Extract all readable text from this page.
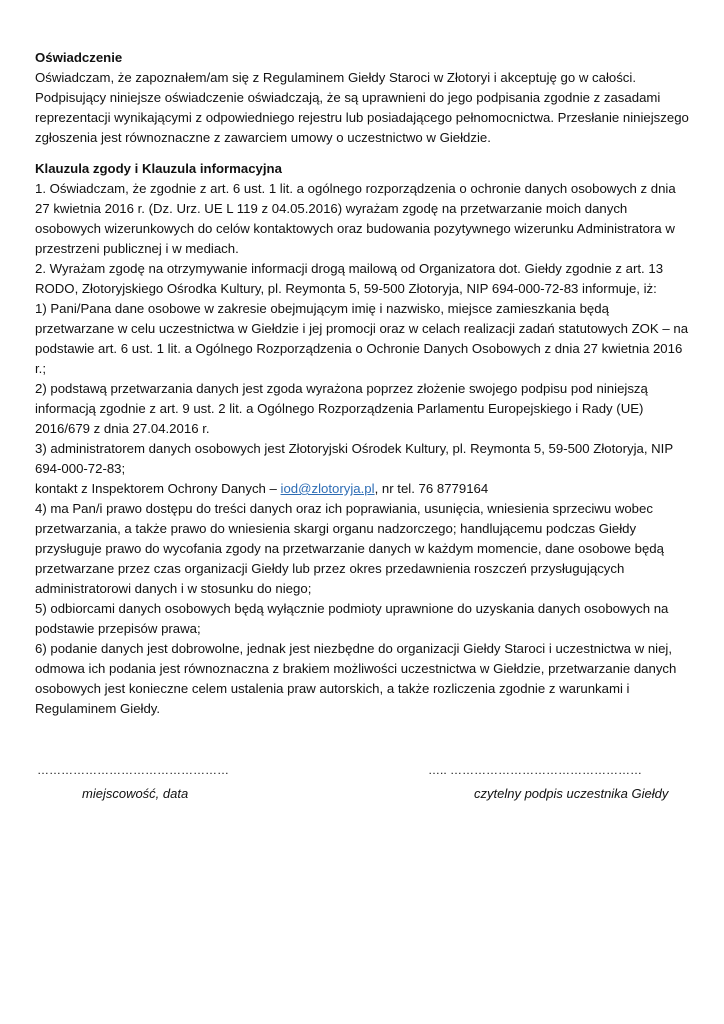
Oświadczenie

Oświadczam, że zapoznałem/am się z Regulaminem Giełdy Staroci w Złotoryi i akceptuję go w całości. Podpisujący niniejsze oświadczenie oświadczają, że są uprawnieni do jego podpisania zgodnie z zasadami reprezentacji wynikającymi z odpowiedniego rejestru lub posiadającego pełnomocnictwa. Przesłanie niniejszego zgłoszenia jest równoznaczne z zawarciem umowy o uczestnictwo w Giełdzie.

Klauzula zgody i Klauzula informacyjna

1. Oświadczam, że zgodnie z art. 6 ust. 1 lit. a ogólnego rozporządzenia o ochronie danych osobowych z dnia 27 kwietnia 2016 r. (Dz. Urz. UE L 119 z 04.05.2016) wyrażam zgodę na przetwarzanie moich danych osobowych wizerunkowych do celów kontaktowych oraz budowania pozytywnego wizerunku Administratora w przestrzeni publicznej i w mediach.

2. Wyrażam zgodę na otrzymywanie informacji drogą mailową od Organizatora dot. Giełdy zgodnie z art. 13 RODO, Złotoryjskiego Ośrodka Kultury, pl. Reymonta 5, 59-500 Złotoryja, NIP 694-000-72-83 informuje, iż:

1) Pani/Pana dane osobowe w zakresie obejmującym imię i nazwisko, miejsce zamieszkania będą przetwarzane w celu uczestnictwa w Giełdzie i jej promocji oraz w celach realizacji zadań statutowych ZOK – na podstawie art. 6 ust. 1 lit. a Ogólnego Rozporządzenia o Ochronie Danych Osobowych z dnia 27 kwietnia 2016 r.;

2) podstawą przetwarzania danych jest zgoda wyrażona poprzez złożenie swojego podpisu pod niniejszą informacją zgodnie z art. 9 ust. 2 lit. a Ogólnego Rozporządzenia Parlamentu Europejskiego i Rady (UE) 2016/679 z dnia 27.04.2016 r.

3) administratorem danych osobowych jest Złotoryjski Ośrodek Kultury, pl. Reymonta 5, 59-500 Złotoryja, NIP 694-000-72-83;

kontakt z Inspektorem Ochrony Danych – iod@zlotoryja.pl, nr tel. 76 8779164

4) ma Pan/i prawo dostępu do treści danych oraz ich poprawiania, usunięcia, wniesienia sprzeciwu wobec przetwarzania, a także prawo do wniesienia skargi organu nadzorczego; handlującemu podczas Giełdy przysługuje prawo do wycofania zgody na przetwarzanie danych w każdym momencie, dane osobowe będą przetwarzane przez czas organizacji Giełdy lub przez okres przedawnienia roszczeń przysługujących administratorowi danych i w stosunku do niego;

5) odbiorcami danych osobowych będą wyłącznie podmioty uprawnione do uzyskania danych osobowych na podstawie przepisów prawa;

6) podanie danych jest dobrowolne, jednak jest niezbędne do organizacji Giełdy Staroci i uczestnictwa w niej, odmowa ich podania jest równoznaczna z brakiem możliwości uczestnictwa w Giełdzie, przetwarzanie danych osobowych jest konieczne celem ustalenia praw autorskich, a także rozliczenia zgodnie z warunkami i Regulaminem Giełdy.

…………………………………………
miejscowość, data
….. …………………………………………
czytelny podpis uczestnika Giełdy
